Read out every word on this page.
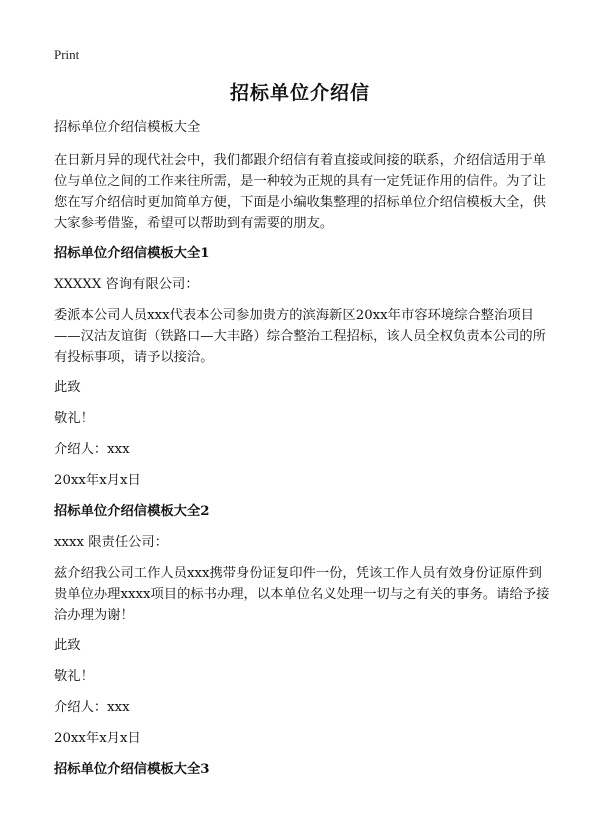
Print
招标单位介绍信

招标单位介绍信模板大全

在日新月异的现代社会中，我们都跟介绍信有着直接或间接的联系，介绍信适用于单位与单位之间的工作来往所需，是一种较为正规的具有一定凭证作用的信件。为了让您在写介绍信时更加简单方便，下面是小编收集整理的招标单位介绍信模板大全，供大家参考借鉴，希望可以帮助到有需要的朋友。

招标单位介绍信模板大全1

XXXXX 咨询有限公司：

委派本公司人员xxx代表本公司参加贵方的滨海新区20xx年市容环境综合整治项目——汉沽友谊街（铁路口—大丰路）综合整治工程招标，该人员全权负责本公司的所有投标事项，请予以接洽。

此致

敬礼！

介绍人：xxx

20xx年x月x日

招标单位介绍信模板大全2

xxxx 限责任公司：

兹介绍我公司工作人员xxx携带身份证复印件一份，凭该工作人员有效身份证原件到贵单位办理xxxx项目的标书办理，以本单位名义处理一切与之有关的事务。请给予接洽办理为谢！

此致

敬礼！

介绍人：xxx

20xx年x月x日

招标单位介绍信模板大全3
